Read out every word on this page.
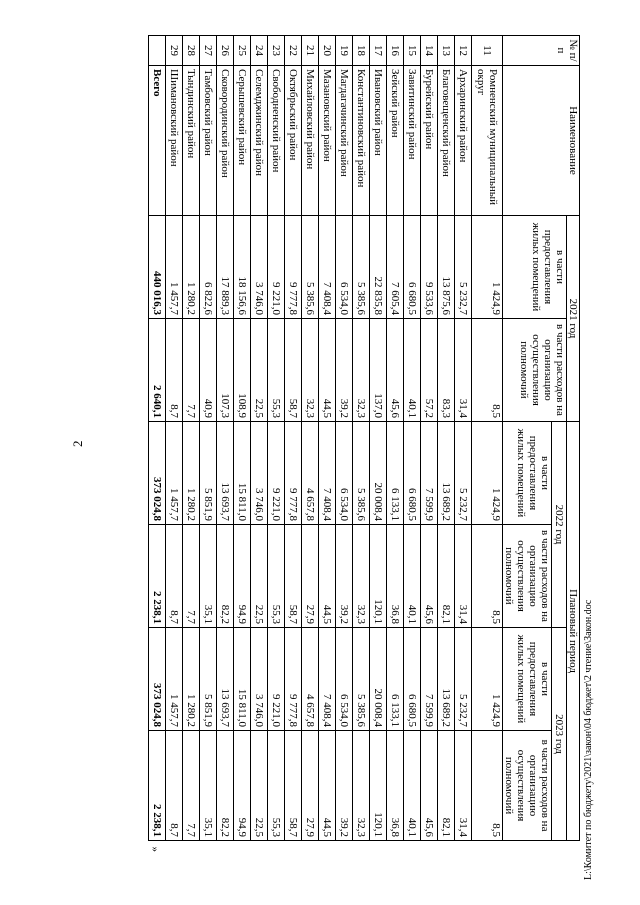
2
№ п/п	Наименование	2021 год		Плановый период			
		в части предоставления жилых помещений	в части расходов на организацию осуществления полномочий	2022 год		2023 год	
				в части предоставления жилых помещений	в части расходов на организацию осуществления полномочий	в части предоставления жилых помещений	в части расходов на организацию осуществления полномочий
11	Ромненский муниципальный округ	1 424,9	8,5	1 424,9	8,5	1 424,9	8,5
12	Архаринский район	5 232,7	31,4	5 232,7	31,4	5 232,7	31,4
13	Благовещенский район	13 875,6	83,3	13 689,2	82,1	13 689,2	82,1
14	Бурейский район	9 533,6	57,2	7 599,9	45,6	7 599,9	45,6
15	Завитинский район	6 680,5	40,1	6 680,5	40,1	6 680,5	40,1
16	Зейский район	7 605,4	45,6	6 133,1	36,8	6 133,1	36,8
17	Ивановский район	22 835,8	137,0	20 008,4	120,1	20 008,4	120,1
18	Константиновский район	5 385,6	32,3	5 385,6	32,3	5 385,6	32,3
19	Магдагачинский район	6 534,0	39,2	6 534,0	39,2	6 534,0	39,2
20	Мазановский район	7 408,4	44,5	7 408,4	44,5	7 408,4	44,5
21	Михайловский район	5 385,6	32,3	4 657,8	27,9	4 657,8	27,9
22	Октябрьский район	9 777,8	58,7	9 777,8	58,7	9 777,8	58,7
23	Свободненский район	9 221,0	55,3	9 221,0	55,3	9 221,0	55,3
24	Селемджинский район	3 746,0	22,5	3 746,0	22,5	3 746,0	22,5
25	Серышевский район	18 156,6	108,9	15 811,0	94,9	15 811,0	94,9
26	Сковородинский район	17 889,3	107,3	13 693,7	82,2	13 693,7	82,2
27	Тамбовский район	6 822,6	40,9	5 851,9	35,1	5 851,9	35,1
28	Тындинский район	1 280,2	7,7	1 280,2	7,7	1 280,2	7,7
29	Шимановский район	1 457,7	8,7	1 457,7	8,7	1 457,7	8,7
	Всего	440 016,3	2 640,1	373 024,8	2 238,1	373 024,8	2 238,1
»	L:\Комитет по бюджету\2021\закон\04 бюджет\2 чтение\Закон.doc
